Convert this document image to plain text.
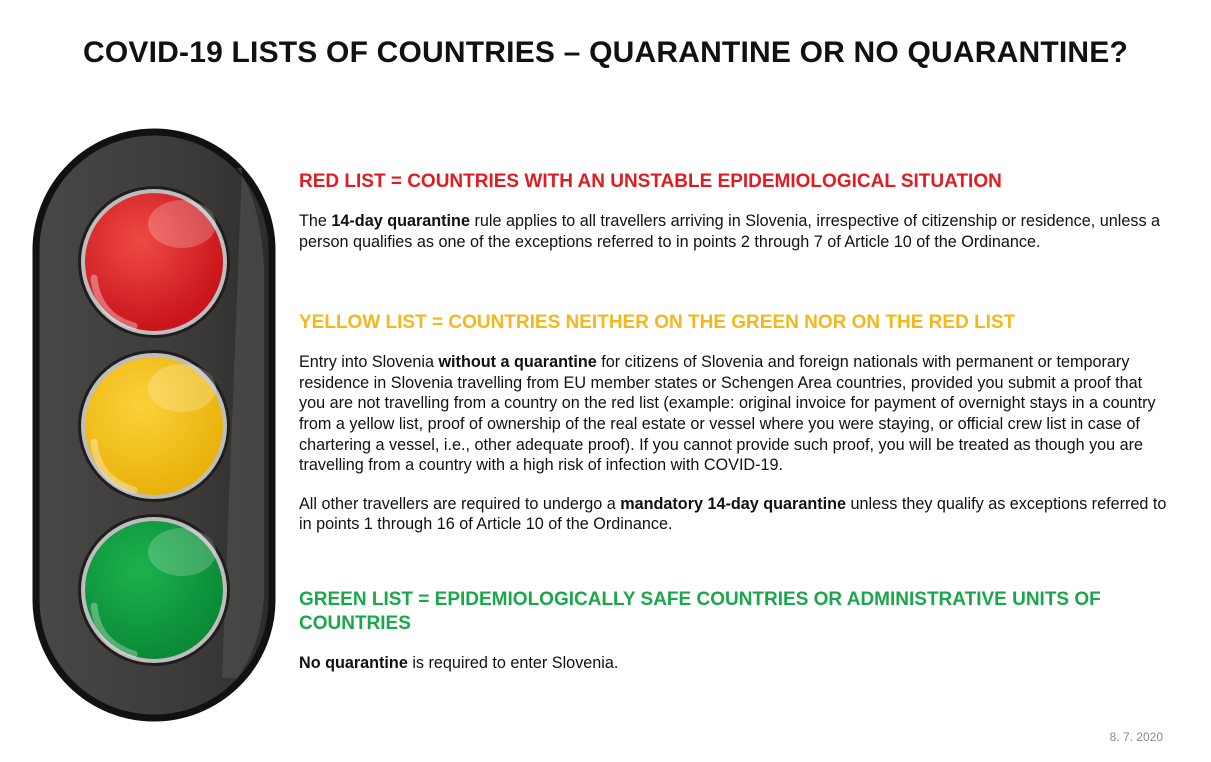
COVID-19 LISTS OF COUNTRIES – QUARANTINE OR NO QUARANTINE?
RED LIST = COUNTRIES WITH AN UNSTABLE EPIDEMIOLOGICAL SITUATION

The 14-day quarantine rule applies to all travellers arriving in Slovenia, irrespective of citizenship or residence, unless a person qualifies as one of the exceptions referred to in points 2 through 7 of Article 10 of the Ordinance.

YELLOW LIST = COUNTRIES NEITHER ON THE GREEN NOR ON THE RED LIST

Entry into Slovenia without a quarantine for citizens of Slovenia and foreign nationals with permanent or temporary residence in Slovenia travelling from EU member states or Schengen Area countries, provided you submit a proof that you are not travelling from a country on the red list (example: original invoice for payment of overnight stays in a country from a yellow list, proof of ownership of the real estate or vessel where you were staying, or official crew list in case of chartering a vessel, i.e., other adequate proof). If you cannot provide such proof, you will be treated as though you are travelling from a country with a high risk of infection with COVID-19.

All other travellers are required to undergo a mandatory 14-day quarantine unless they qualify as exceptions referred to in points 1 through 16 of Article 10 of the Ordinance.

GREEN LIST = EPIDEMIOLOGICALLY SAFE COUNTRIES OR ADMINISTRATIVE UNITS OF COUNTRIES

No quarantine is required to enter Slovenia.

8. 7. 2020
